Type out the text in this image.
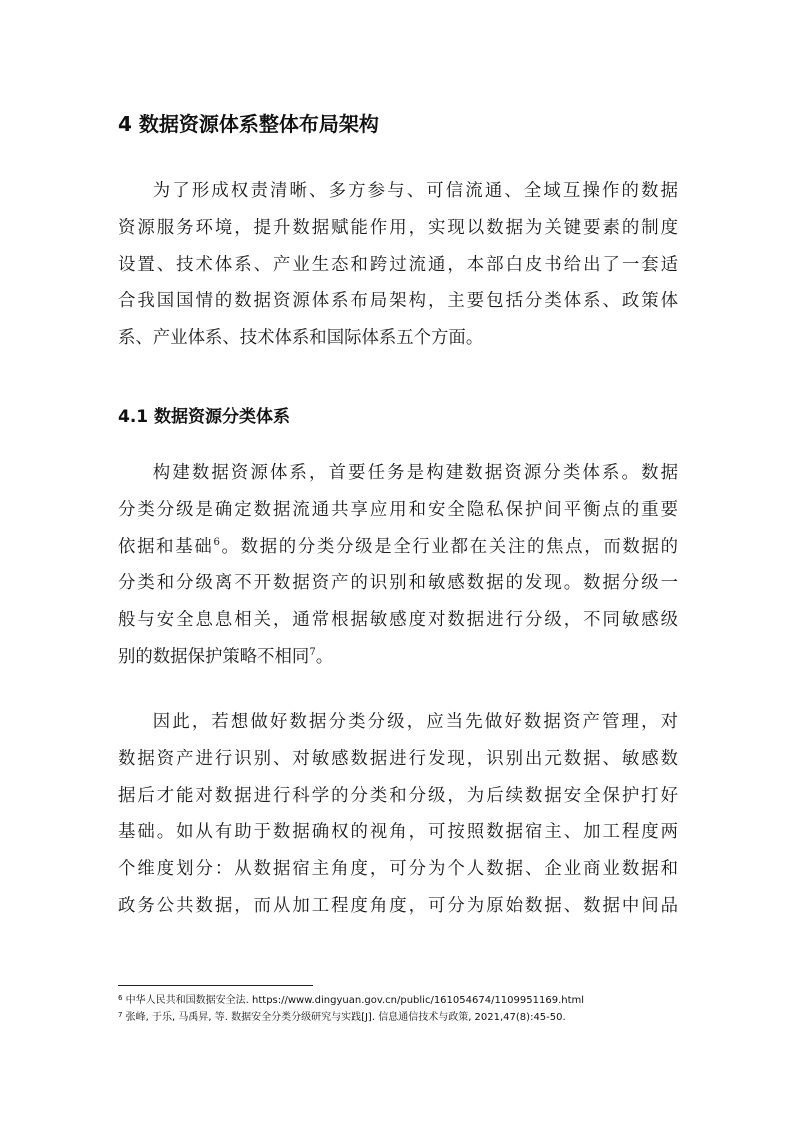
4 数据资源体系整体布局架构
为了形成权责清晰、多方参与、可信流通、全域互操作的数据
资源服务环境，提升数据赋能作用，实现以数据为关键要素的制度
设置、技术体系、产业生态和跨过流通，本部白皮书给出了一套适
合我国国情的数据资源体系布局架构，主要包括分类体系、政策体
系、产业体系、技术体系和国际体系五个方面。
4.1 数据资源分类体系
构建数据资源体系，首要任务是构建数据资源分类体系。数据
分类分级是确定数据流通共享应用和安全隐私保护间平衡点的重要
依据和基础$^6$。数据的分类分级是全行业都在关注的焦点，而数据的
分类和分级离不开数据资产的识别和敏感数据的发现。数据分级一
般与安全息息相关，通常根据敏感度对数据进行分级，不同敏感级
别的数据保护策略不相同$^7$。
因此，若想做好数据分类分级，应当先做好数据资产管理，对
数据资产进行识别、对敏感数据进行发现，识别出元数据、敏感数
据后才能对数据进行科学的分类和分级，为后续数据安全保护打好
基础。如从有助于数据确权的视角，可按照数据宿主、加工程度两
个维度划分：从数据宿主角度，可分为个人数据、企业商业数据和
政务公共数据，而从加工程度角度，可分为原始数据、数据中间品
$^6$ 中华人民共和国数据安全法. https://www.dingyuan.gov.cn/public/161054674/1109951169.html
$^7$ 张峰, 于乐, 马禹昇, 等. 数据安全分类分级研究与实践[J]. 信息通信技术与政策, 2021,47(8):45-50.
